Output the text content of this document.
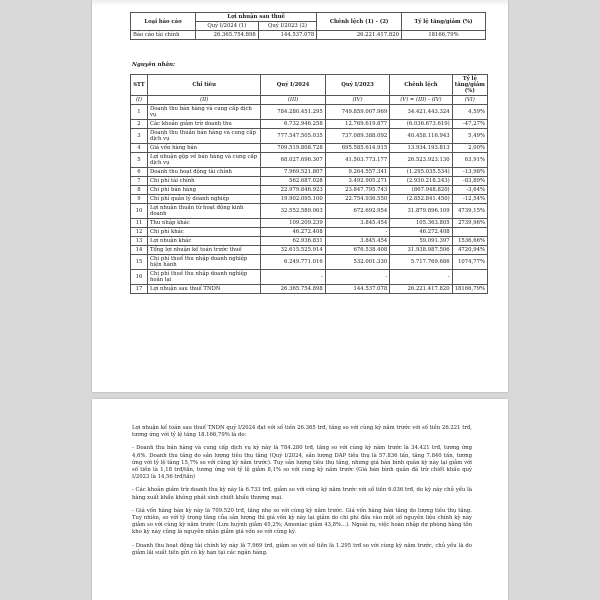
Loại báo cáo	Lợi nhuận sau thuế		Chênh lệch (1) - (2)	Tỷ lệ tăng/giảm (%)
	Quý I/2024 (1)	Quý I/2023 (2)		
Báo cáo tài chính	26.365.754.898	144.537.078	26.221.417.820	18166,79%
Nguyên nhân:
STT	Chỉ tiêu	Quý I/2024	Quý I/2023	Chênh lệch	Tỷ lệ tăng/giảm (%)
(I)	(II)	(III)	(IV)	(V) = (III) - (IV)	(VI)
1	Doanh thu bán hàng và cung cấp dịch vụ	784.280.451.295	749.859.007.969	34.421.443.324	4,59%
2	Các khoản giảm trừ doanh thu	6.732.946.258	12.769.619.877	(6.036.673.619)	-47,27%
3	Doanh thu thuần bán hàng và cung cấp dịch vụ	777.547.505.035	737.089.388.092	40.458.116.943	5,49%
4	Giá vốn hàng bán	709.519.808.728	695.585.614.915	13.934.193.813	2,00%
5	Lợi nhuận gộp về bán hàng và cung cấp dịch vụ	68.027.696.307	41.503.773.177	26.523.923.130	63,91%
6	Doanh thu hoạt động tài chính	7.969.521.807	9.264.557.341	(1.295.035.534)	-13,98%
7	Chi phí tài chính	562.687.028	3.492.905.271	(2.930.218.243)	-83,89%
8	Chi phí bán hàng	22.979.846.923	23.847.795.743	(867.948.820)	-3,64%
9	Chi phí quản lý doanh nghiệp	19.902.095.100	22.754.936.550	(2.852.841.450)	-12,54%
10	Lợi nhuận thuần từ hoạt động kinh doanh	32.552.589.063	672.692.954	31.879.896.109	4739,15%
11	Thu nhập khác	109.209.239	3.845.454	105.363.805	2739,96%
12	Chi phí khác	46.272.408	-	46.272.408	
13	Lợi nhuận khác	62.936.831	3.845.454	59.091.397	1536,66%
14	Tổng lợi nhuận kế toán trước thuế	32.615.525.914	676.538.408	31.938.987.506	4720,94%
15	Chi phí thuế thu nhập doanh nghiệp hiện hành	6.249.771.016	532.001.330	5.717.769.686	1074,77%
16	Chi phí thuế thu nhập doanh nghiệp hoãn lại	-	-	-	
17	Lợi nhuận sau thuế TNDN	26.365.754.898	144.537.078	26.221.417.820	18166,79%

Lợi nhuận kế toán sau thuế TNDN quý I/2024 đạt với số tiền 26.365 trđ, tăng so với cùng kỳ năm trước với số tiền 26.221 trđ, tương ứng với tỷ lệ tăng 18.166,79% là do:

- Doanh thu bán hàng và cung cấp dịch vụ kỳ này là 784.280 trđ, tăng so với cùng kỳ năm trước là 34.421 trđ, tương ứng 4,6%. Doanh thu tăng do sản lượng tiêu thụ tăng (Quý I/2024, sản lượng DAP tiêu thụ là 57.836 tấn, tăng 7.840 tấn, tương ứng với tỷ lệ tăng 15,7% so với cùng kỳ năm trước). Tuy sản lượng tiêu thụ tăng, nhưng giá bán bình quân kỳ này lại giảm với số tiền là 1,18 trđ/tấn, tương ứng với tỷ lệ giảm 8,1% so với cùng kỳ năm trước (Giá bán bình quân đã trừ chiết khấu quý I/2023 là 14,56 trđ/tấn)

- Các khoản giảm trừ doanh thu kỳ này là 6.733 trđ, giảm so với cùng kỳ năm trước với số tiền 6.036 trđ, do kỳ này chủ yếu là hàng xuất khẩu không phát sinh chiết khấu thương mại.

- Giá vốn hàng bán kỳ này là 709.520 trđ, tăng nhẹ so với cùng kỳ năm trước. Giá vốn hàng bán tăng do lượng tiêu thụ tăng. Tuy nhiên, so với tỷ trọng tăng của sản lượng thì giá vốn kỳ này lại giảm do chi phí đầu vào một số nguyên liệu chính kỳ này giảm so với cùng kỳ năm trước (Lưu huỳnh giảm 45,2%; Amoniac giảm 43,8%...). Ngoài ra, việc hoàn nhập dự phòng hàng tồn kho kỳ này cũng là nguyên nhân giảm giá vốn so với cùng kỳ.

- Doanh thu hoạt động tài chính kỳ này là 7.969 trđ, giảm so với số tiền là 1.295 trđ so với cùng kỳ năm trước, chủ yếu là do giảm lãi suất tiền gửi có kỳ hạn tại các ngân hàng.
